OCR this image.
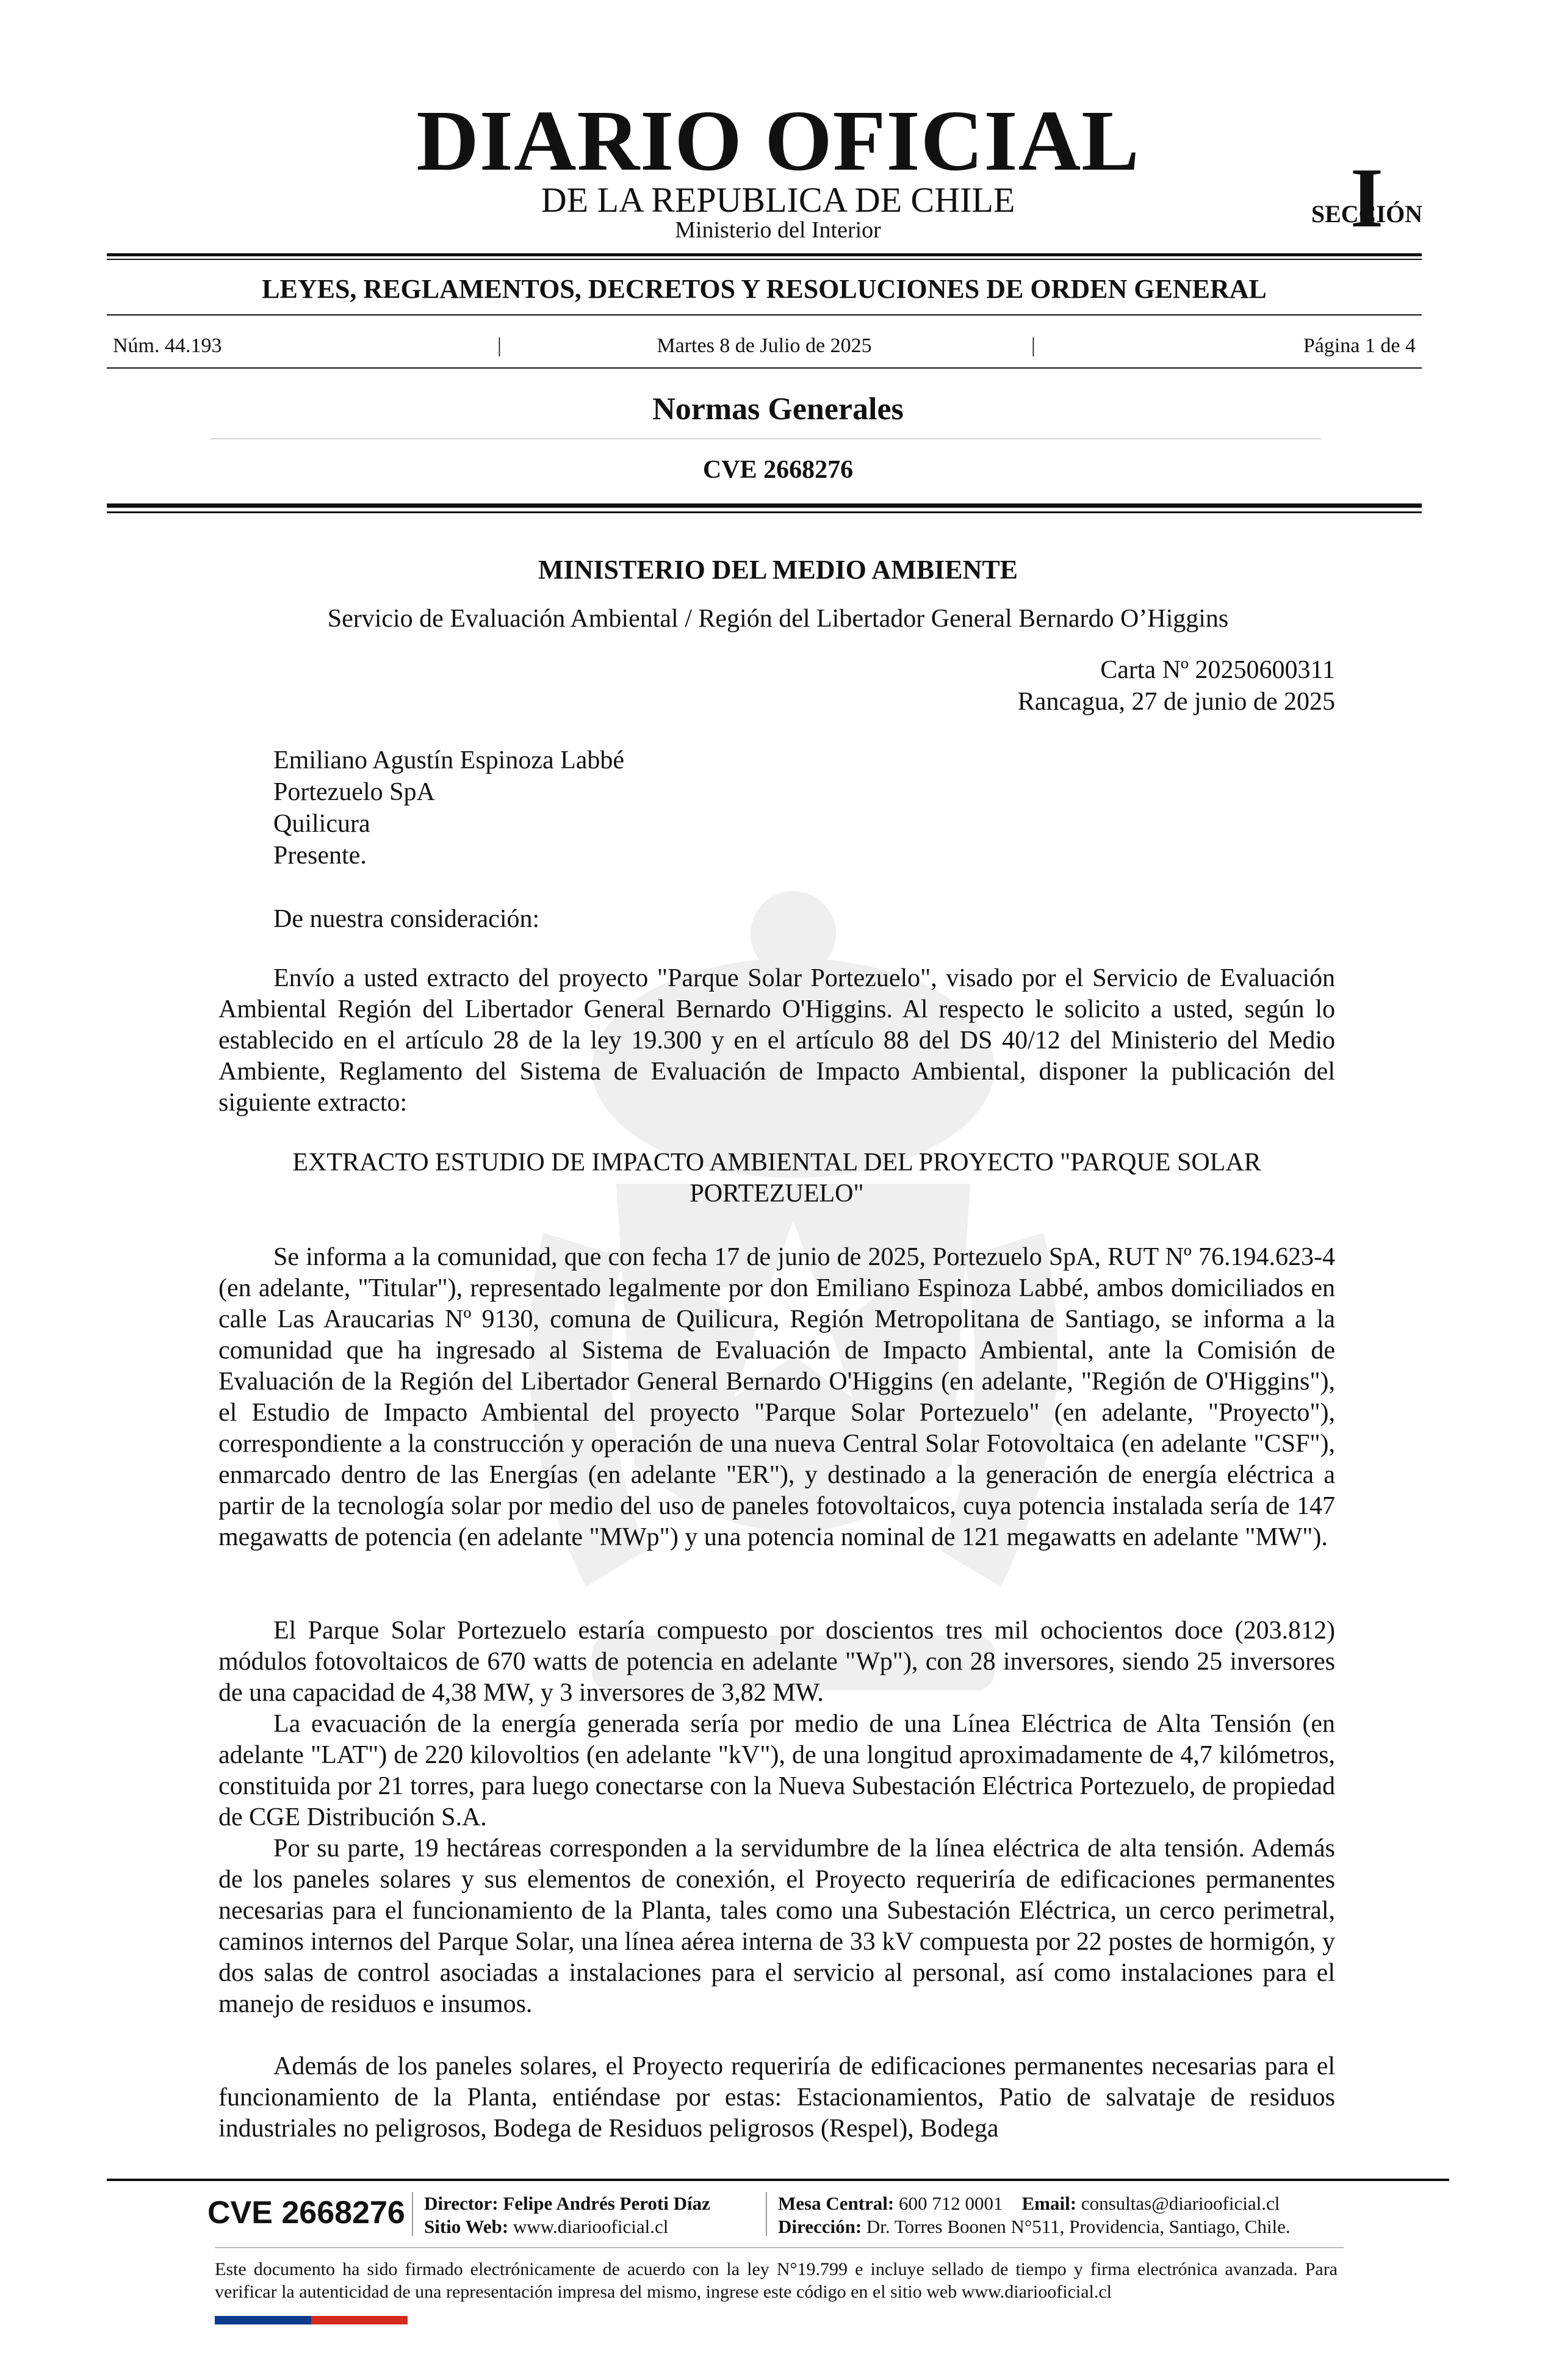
DIARIO OFICIAL
DE LA REPUBLICA DE CHILE
Ministerio del Interior	I
SECCIÓN
LEYES, REGLAMENTOS, DECRETOS Y RESOLUCIONES DE ORDEN GENERAL
Núm. 44.193	|	Martes 8 de Julio de 2025	|	Página 1 de 4
Normas Generales
CVE 2668276
MINISTERIO DEL MEDIO AMBIENTE
Servicio de Evaluación Ambiental / Región del Libertador General Bernardo O’Higgins
Carta Nº 20250600311
Rancagua, 27 de junio de 2025
Emiliano Agustín Espinoza Labbé
Portezuelo SpA
Quilicura
Presente.
De nuestra consideración:
Envío a usted extracto del proyecto "Parque Solar Portezuelo", visado por el Servicio de Evaluación Ambiental Región del Libertador General Bernardo O'Higgins. Al respecto le solicito a usted, según lo establecido en el artículo 28 de la ley 19.300 y en el artículo 88 del DS 40/12 del Ministerio del Medio Ambiente, Reglamento del Sistema de Evaluación de Impacto Ambiental, disponer la publicación del siguiente extracto:
EXTRACTO ESTUDIO DE IMPACTO AMBIENTAL DEL PROYECTO "PARQUE SOLAR PORTEZUELO"
Se informa a la comunidad, que con fecha 17 de junio de 2025, Portezuelo SpA, RUT Nº 76.194.623-4 (en adelante, "Titular"), representado legalmente por don Emiliano Espinoza Labbé, ambos domiciliados en calle Las Araucarias Nº 9130, comuna de Quilicura, Región Metropolitana de Santiago, se informa a la comunidad que ha ingresado al Sistema de Evaluación de Impacto Ambiental, ante la Comisión de Evaluación de la Región del Libertador General Bernardo O'Higgins (en adelante, "Región de O'Higgins"), el Estudio de Impacto Ambiental del proyecto "Parque Solar Portezuelo" (en adelante, "Proyecto"), correspondiente a la construcción y operación de una nueva Central Solar Fotovoltaica (en adelante "CSF"), enmarcado dentro de las Energías (en adelante "ER"), y destinado a la generación de energía eléctrica a partir de la tecnología solar por medio del uso de paneles fotovoltaicos, cuya potencia instalada sería de 147 megawatts de potencia (en adelante "MWp") y una potencia nominal de 121 megawatts en adelante "MW").
El Parque Solar Portezuelo estaría compuesto por doscientos tres mil ochocientos doce (203.812) módulos fotovoltaicos de 670 watts de potencia en adelante "Wp"), con 28 inversores, siendo 25 inversores de una capacidad de 4,38 MW, y 3 inversores de 3,82 MW.
La evacuación de la energía generada sería por medio de una Línea Eléctrica de Alta Tensión (en adelante "LAT") de 220 kilovoltios (en adelante "kV"), de una longitud aproximadamente de 4,7 kilómetros, constituida por 21 torres, para luego conectarse con la Nueva Subestación Eléctrica Portezuelo, de propiedad de CGE Distribución S.A.
Por su parte, 19 hectáreas corresponden a la servidumbre de la línea eléctrica de alta tensión. Además de los paneles solares y sus elementos de conexión, el Proyecto requeriría de edificaciones permanentes necesarias para el funcionamiento de la Planta, tales como una Subestación Eléctrica, un cerco perimetral, caminos internos del Parque Solar, una línea aérea interna de 33 kV compuesta por 22 postes de hormigón, y dos salas de control asociadas a instalaciones para el servicio al personal, así como instalaciones para el manejo de residuos e insumos.
Además de los paneles solares, el Proyecto requeriría de edificaciones permanentes necesarias para el funcionamiento de la Planta, entiéndase por estas: Estacionamientos, Patio de salvataje de residuos industriales no peligrosos, Bodega de Residuos peligrosos (Respel), Bodega
CVE 2668276 Director: Felipe Andrés Peroti Díaz
Sitio Web: www.diariooficial.cl
Mesa Central: 600 712 0001 Email: consultas@diariooficial.cl
Dirección: Dr. Torres Boonen N°511, Providencia, Santiago, Chile.
Este documento ha sido firmado electrónicamente de acuerdo con la ley N°19.799 e incluye sellado de tiempo y firma electrónica avanzada. Para verificar la autenticidad de una representación impresa del mismo, ingrese este código en el sitio web www.diariooficial.cl
